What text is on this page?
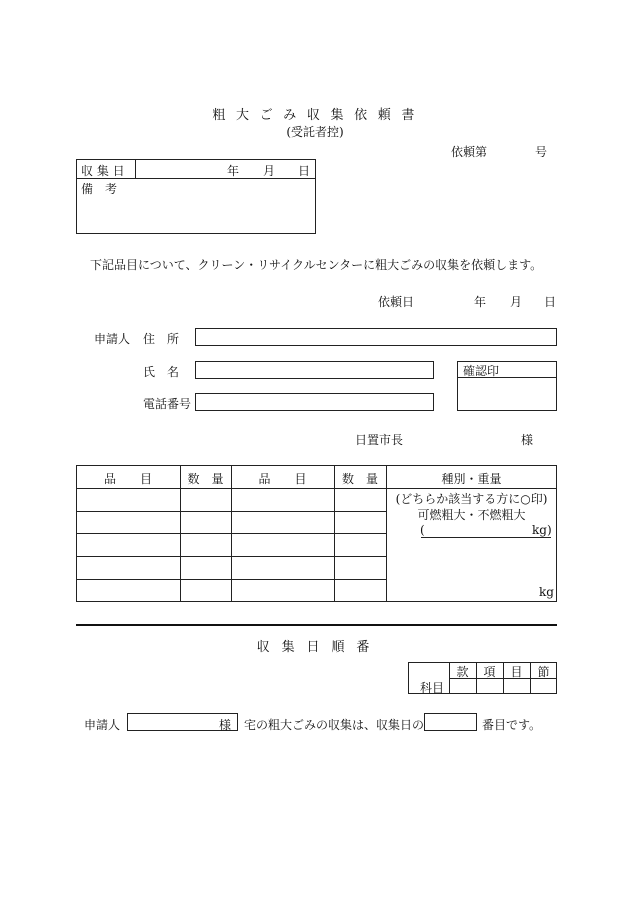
粗 大 ご み 収 集 依 頼 書
(受託者控)
依頼第	号
収 集 日	年 月 日
備　考
下記品目について、クリーン・リサイクルセンターに粗大ごみの収集を依頼します。
依頼日	年 月 日
申請人 住　所
氏　名
電話番号
確認印
日置市長	様
品　　目	数　量	品　　目	数　量	種別・重量
(どちらか該当する方に○印)
可燃粗大・不燃粗大
(	kg)
kg
収 集 日 順 番
款	項	目	節
科目
申請人	様 宅の粗大ごみの収集は、収集日の	番目です。
